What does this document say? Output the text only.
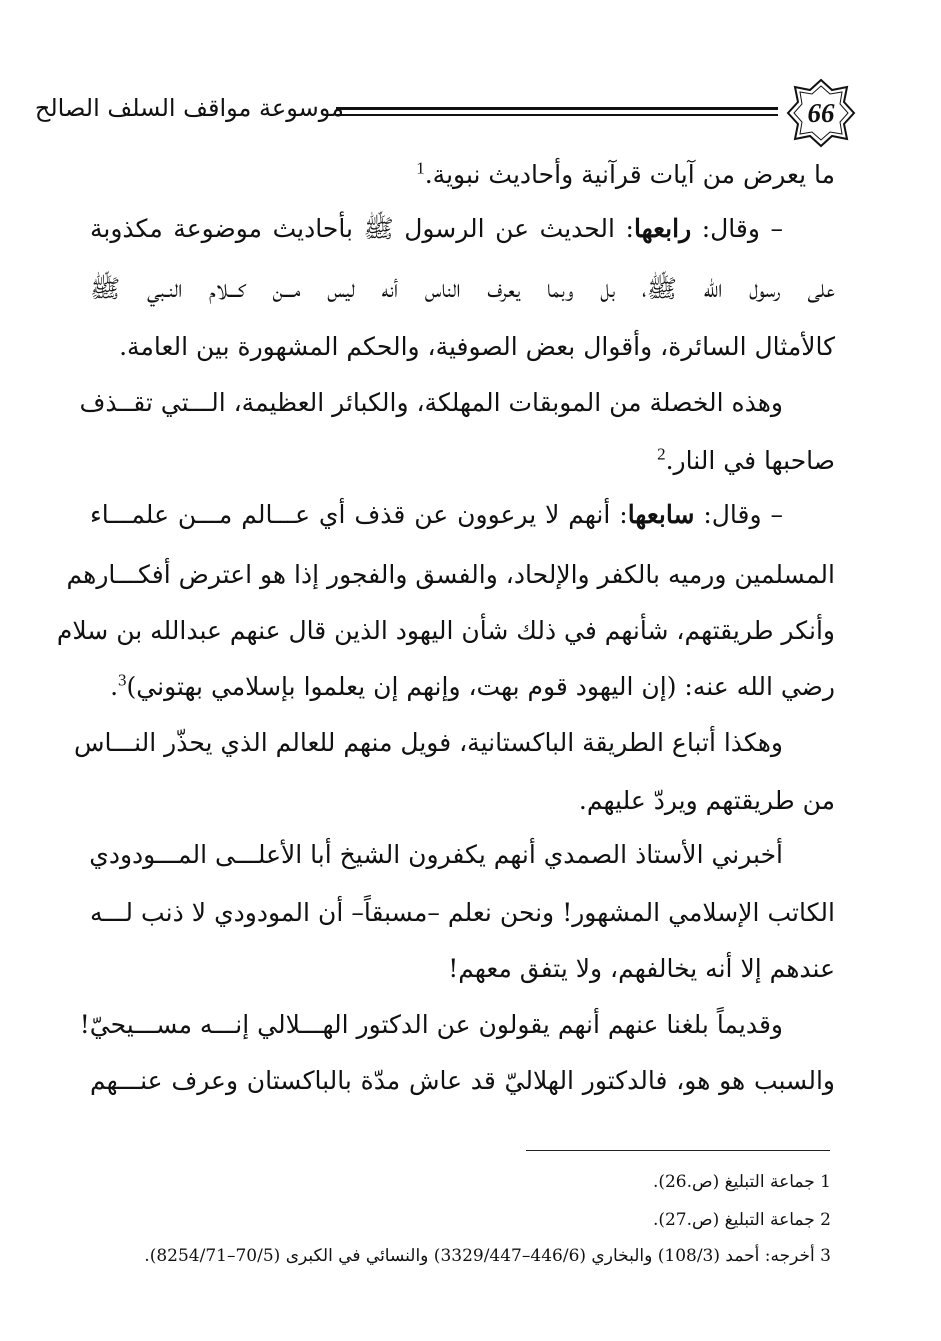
66
موسوعة مواقف السلف الصالح
ما يعرض من آيات قرآنية وأحاديث نبوية.$^1$
– وقال: رابعها: الحديث عن الرسول ﷺ بأحاديث موضوعة مكذوبة
على رسول الله ﷺ، بل وبما يعرف الناس أنه ليس مـــن كـــلام النـبي ﷺ
كالأمثال السائرة، وأقوال بعض الصوفية، والحكم المشهورة بين العامة.
وهذه الخصلة من الموبقات المهلكة، والكبائر العظيمة، الـــتي تقــذف
صاحبها في النار.$^2$
– وقال: سابعها: أنهم لا يرعوون عن قذف أي عـــالم مـــن علمـــاء
المسلمين ورميه بالكفر والإلحاد، والفسق والفجور إذا هو اعترض أفكـــارهم
وأنكر طريقتهم، شأنهم في ذلك شأن اليهود الذين قال عنهم عبدالله بن سلام
رضي الله عنه: (إن اليهود قوم بهت، وإنهم إن يعلموا بإسلامي بهتوني)$^3$.
وهكذا أتباع الطريقة الباكستانية، فويل منهم للعالم الذي يحذّر النـــاس
من طريقتهم ويردّ عليهم.
أخبرني الأستاذ الصمدي أنهم يكفرون الشيخ أبا الأعلـــى المـــودودي
الكاتب الإسلامي المشهور! ونحن نعلم –مسبقاً– أن المودودي لا ذنب لـــه
عندهم إلا أنه يخالفهم، ولا يتفق معهم!
وقديماً بلغنا عنهم أنهم يقولون عن الدكتور الهـــلالي إنـــه مســـيحيّ!
والسبب هو هو، فالدكتور الهلاليّ قد عاش مدّة بالباكستان وعرف عنـــهم
1 جماعة التبليغ (ص.26).
2 جماعة التبليغ (ص.27).
3 أخرجه: أحمد (108/3) والبخاري (446/6–3329/447) والنسائي في الكبرى (70/5–8254/71).
